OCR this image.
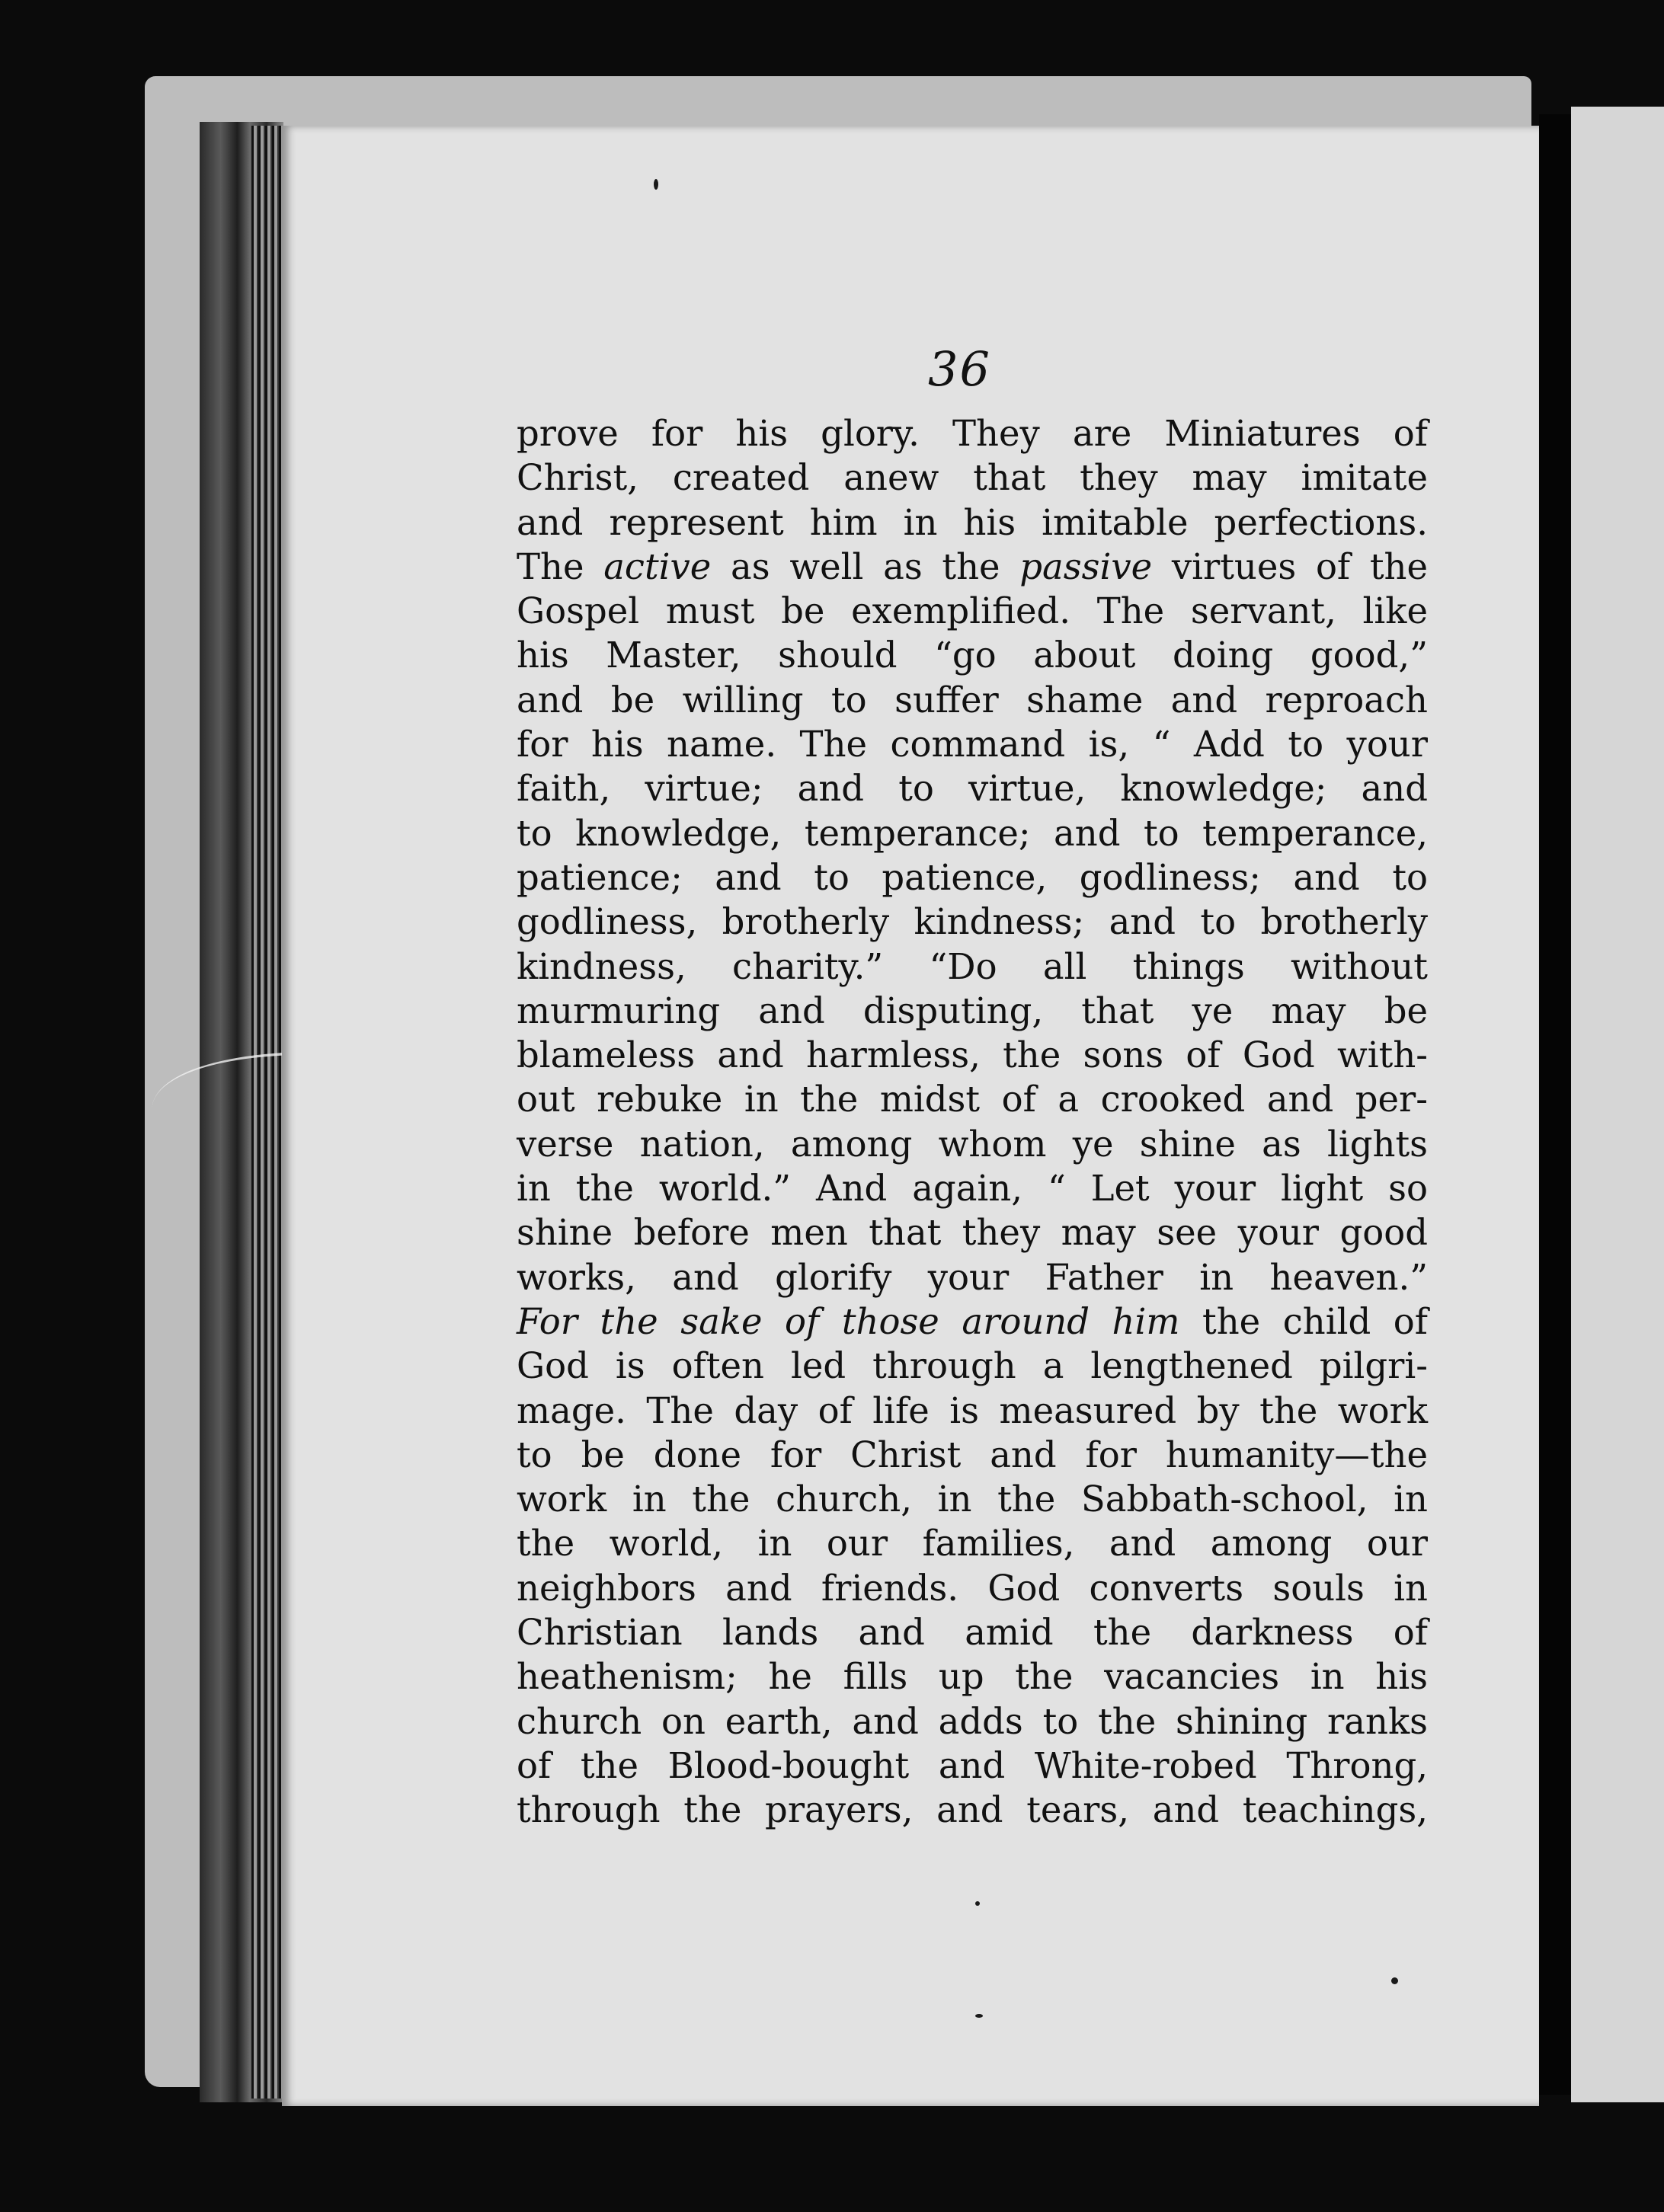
36
prove for his glory. They are Miniatures of
Christ, created anew that they may imitate
and represent him in his imitable perfections.
The active as well as the passive virtues of the
Gospel must be exemplified. The servant, like
his Master, should “go about doing good,”
and be willing to suffer shame and reproach
for his name. The command is, “ Add to your
faith, virtue; and to virtue, knowledge; and
to knowledge, temperance; and to temperance,
patience; and to patience, godliness; and to
godliness, brotherly kindness; and to brotherly
kindness, charity.” “Do all things without
murmuring and disputing, that ye may be
blameless and harmless, the sons of God with-
out rebuke in the midst of a crooked and per-
verse nation, among whom ye shine as lights
in the world.” And again, “ Let your light so
shine before men that they may see your good
works, and glorify your Father in heaven.”
For the sake of those around him the child of
God is often led through a lengthened pilgri-
mage. The day of life is measured by the work
to be done for Christ and for humanity—the
work in the church, in the Sabbath-school, in
the world, in our families, and among our
neighbors and friends. God converts souls in
Christian lands and amid the darkness of
heathenism; he fills up the vacancies in his
church on earth, and adds to the shining ranks
of the Blood-bought and White-robed Throng,
through the prayers, and tears, and teachings,
